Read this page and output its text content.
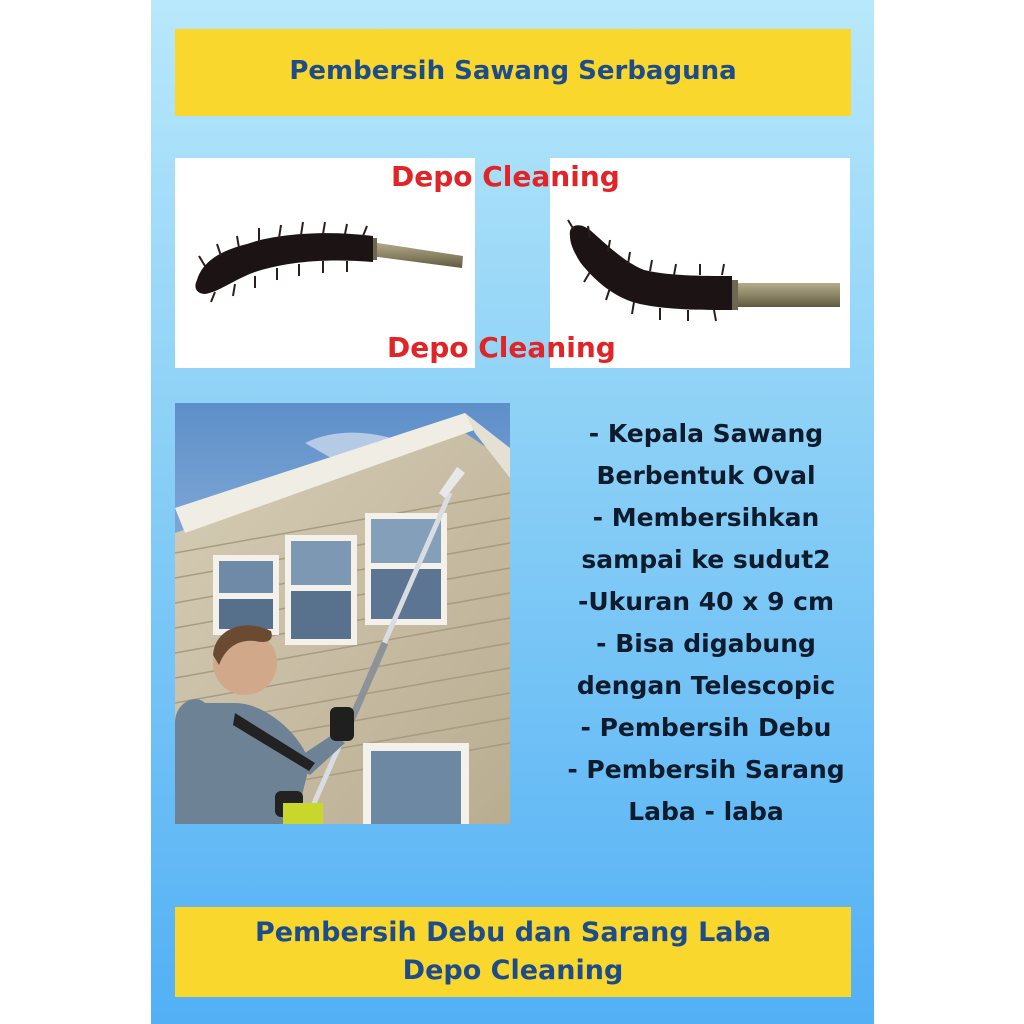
Pembersih Sawang Serbaguna
Depo Cleaning
Depo Cleaning
- Kepala Sawang
Berbentuk Oval
- Membersihkan
sampai ke sudut2
-Ukuran 40 x 9 cm
- Bisa digabung
dengan Telescopic
- Pembersih Debu
- Pembersih Sarang
Laba - laba
Pembersih Debu dan Sarang Laba
Depo Cleaning
